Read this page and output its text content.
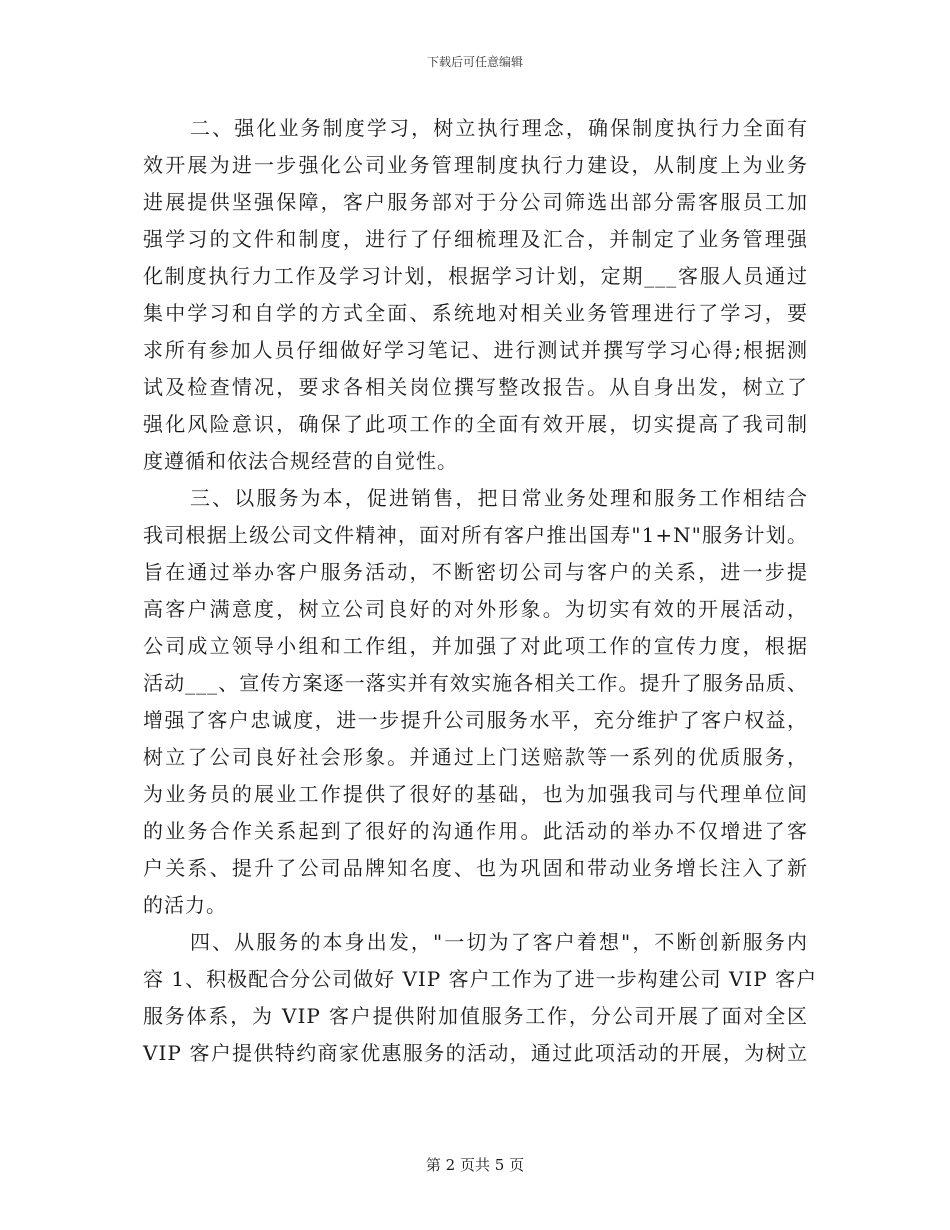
下载后可任意编辑
二、强化业务制度学习，树立执行理念，确保制度执行力全面有
效开展为进一步强化公司业务管理制度执行力建设，从制度上为业务
进展提供坚强保障，客户服务部对于分公司筛选出部分需客服员工加
强学习的文件和制度，进行了仔细梳理及汇合，并制定了业务管理强
化制度执行力工作及学习计划，根据学习计划，定期___客服人员通过
集中学习和自学的方式全面、系统地对相关业务管理进行了学习，要
求所有参加人员仔细做好学习笔记、进行测试并撰写学习心得;根据测
试及检查情况，要求各相关岗位撰写整改报告。从自身出发，树立了
强化风险意识，确保了此项工作的全面有效开展，切实提高了我司制
度遵循和依法合规经营的自觉性。
三、以服务为本，促进销售，把日常业务处理和服务工作相结合
我司根据上级公司文件精神，面对所有客户推出国寿"1+N"服务计划。
旨在通过举办客户服务活动，不断密切公司与客户的关系，进一步提
高客户满意度，树立公司良好的对外形象。为切实有效的开展活动，
公司成立领导小组和工作组，并加强了对此项工作的宣传力度，根据
活动___、宣传方案逐一落实并有效实施各相关工作。提升了服务品质、
增强了客户忠诚度，进一步提升公司服务水平，充分维护了客户权益，
树立了公司良好社会形象。并通过上门送赔款等一系列的优质服务，
为业务员的展业工作提供了很好的基础，也为加强我司与代理单位间
的业务合作关系起到了很好的沟通作用。此活动的举办不仅增进了客
户关系、提升了公司品牌知名度、也为巩固和带动业务增长注入了新
的活力。
四、从服务的本身出发，"一切为了客户着想"，不断创新服务内
容 1、积极配合分公司做好 VIP 客户工作为了进一步构建公司 VIP 客户
服务体系，为 VIP 客户提供附加值服务工作，分公司开展了面对全区
VIP 客户提供特约商家优惠服务的活动，通过此项活动的开展，为树立
第 2 页共 5 页
